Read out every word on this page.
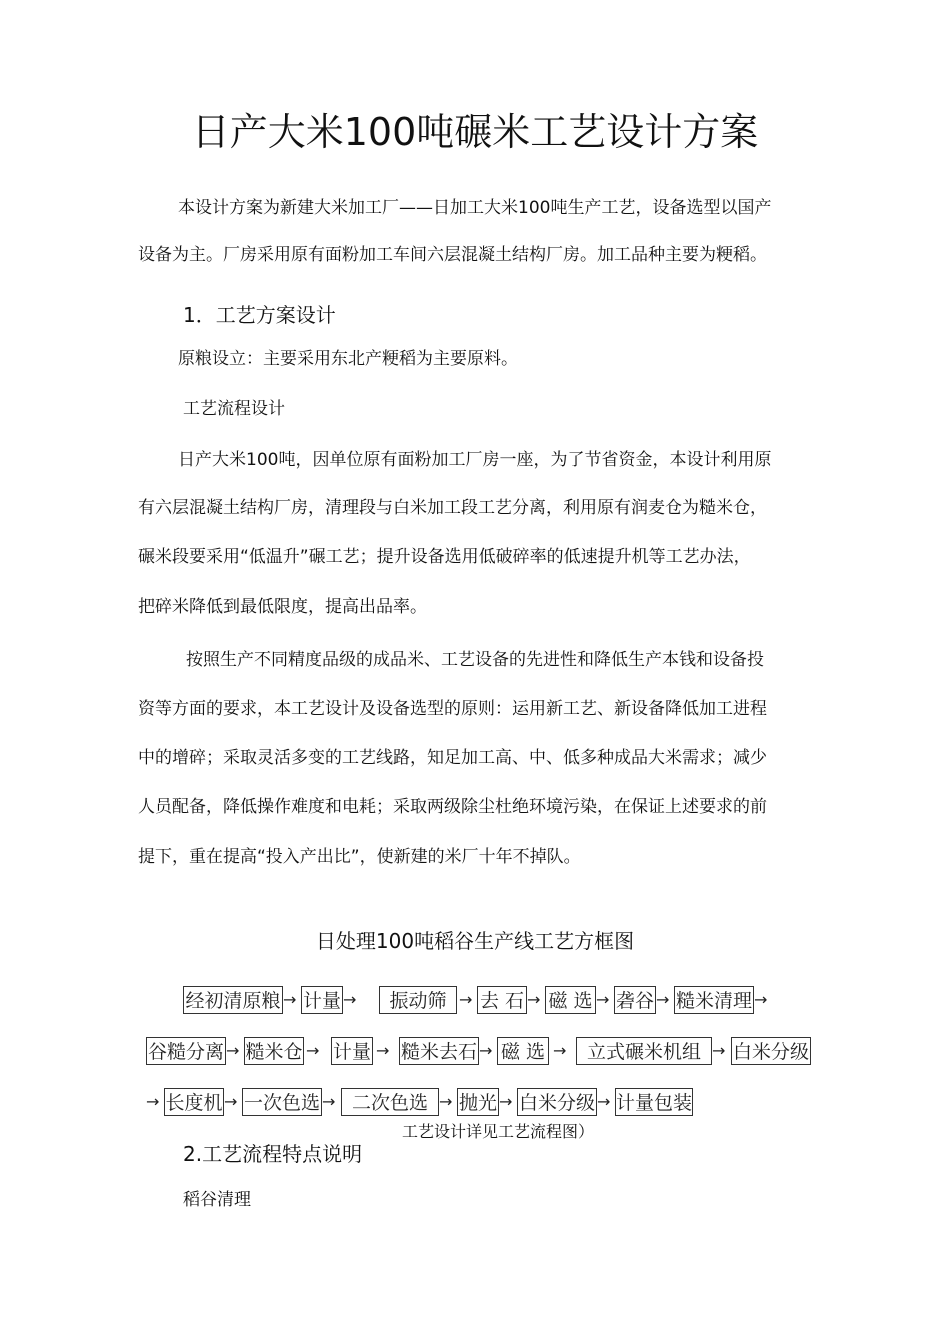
日产大米100吨碾米工艺设计方案
本设计方案为新建大米加工厂——日加工大米100吨生产工艺，设备选型以国产
设备为主。厂房采用原有面粉加工车间六层混凝土结构厂房。加工品种主要为粳稻。
1．工艺方案设计
原粮设立：主要采用东北产粳稻为主要原料。
工艺流程设计
日产大米100吨，因单位原有面粉加工厂房一座，为了节省资金，本设计利用原
有六层混凝土结构厂房，清理段与白米加工段工艺分离，利用原有润麦仓为糙米仓，
碾米段要采用“低温升”碾工艺；提升设备选用低破碎率的低速提升机等工艺办法，
把碎米降低到最低限度，提高出品率。
按照生产不同精度品级的成品米、工艺设备的先进性和降低生产本钱和设备投
资等方面的要求，本工艺设计及设备选型的原则：运用新工艺、新设备降低加工进程
中的增碎；采取灵活多变的工艺线路，知足加工高、中、低多种成品大米需求；减少
人员配备，降低操作难度和电耗；采取两级除尘杜绝环境污染，在保证上述要求的前
提下，重在提高“投入产出比”，使新建的米厂十年不掉队。
日处理100吨稻谷生产线工艺方框图
经初清原粮 → 计量 →	振动筛 → 去 石 → 磁 选 → 砻谷 → 糙米清理 →
谷糙分离 → 糙米仓 → 计量 → 糙米去石 → 磁 选 →	立式碾米机组 → 白米分级
→ 长度机 → 一次色选 → 二次色选 → 抛光 → 白米分级 → 计量包装
工艺设计详见工艺流程图）
2.工艺流程特点说明
稻谷清理
